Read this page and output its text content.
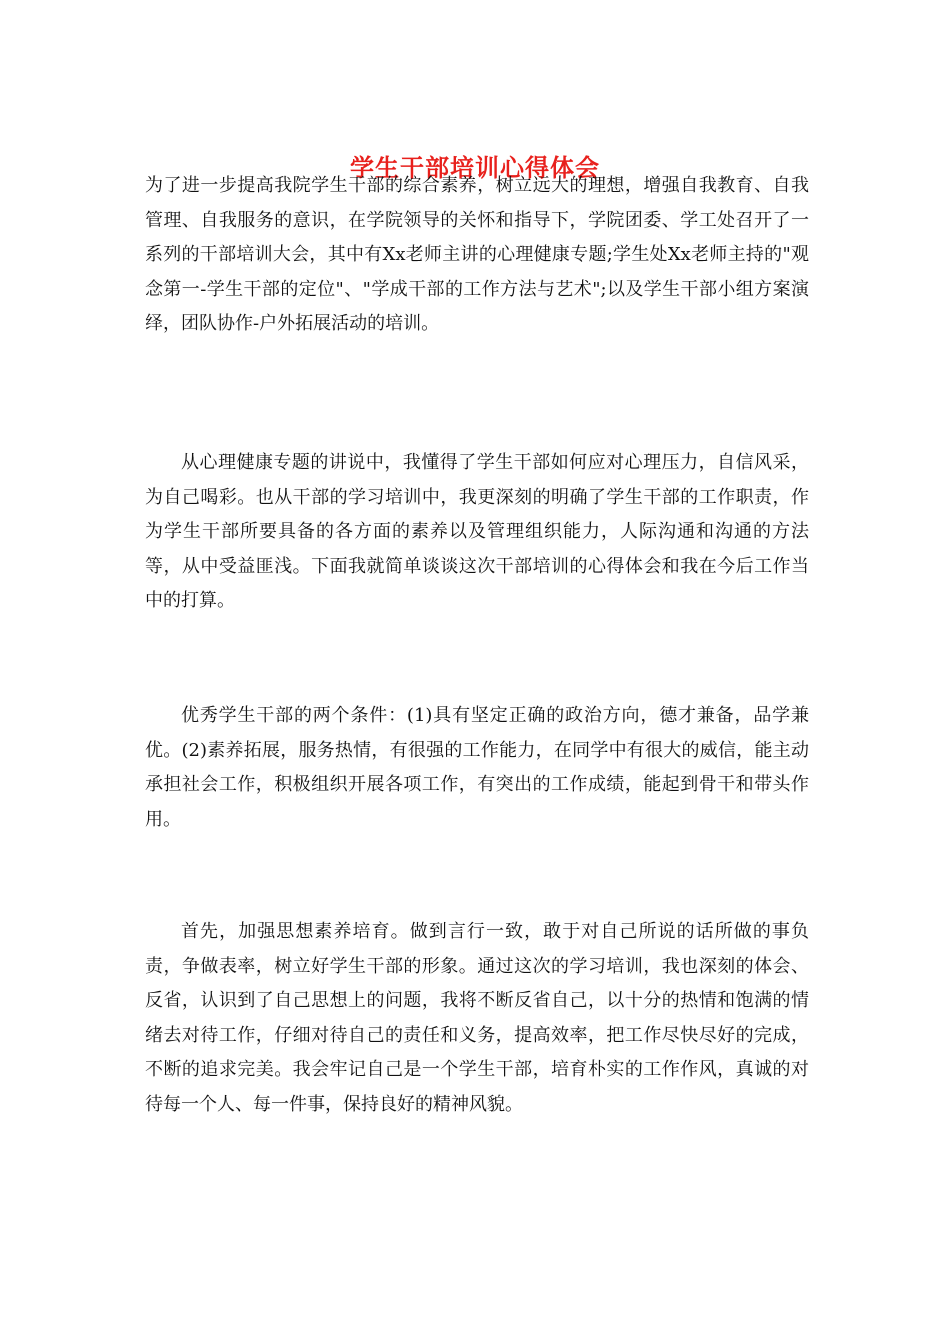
学生干部培训心得体会

为了进一步提高我院学生干部的综合素养，树立远大的理想，增强自我教育、自我管理、自我服务的意识，在学院领导的关怀和指导下，学院团委、学工处召开了一系列的干部培训大会，其中有Xx老师主讲的心理健康专题;学生处Xx老师主持的"观念第一-学生干部的定位"、"学成干部的工作方法与艺术";以及学生干部小组方案演绎，团队协作-户外拓展活动的培训。

从心理健康专题的讲说中，我懂得了学生干部如何应对心理压力，自信风采，为自己喝彩。也从干部的学习培训中，我更深刻的明确了学生干部的工作职责，作为学生干部所要具备的各方面的素养以及管理组织能力，人际沟通和沟通的方法等，从中受益匪浅。下面我就简单谈谈这次干部培训的心得体会和我在今后工作当中的打算。

优秀学生干部的两个条件：(1)具有坚定正确的政治方向，德才兼备，品学兼优。(2)素养拓展，服务热情，有很强的工作能力，在同学中有很大的威信，能主动承担社会工作，积极组织开展各项工作，有突出的工作成绩，能起到骨干和带头作用。

首先，加强思想素养培育。做到言行一致，敢于对自己所说的话所做的事负责，争做表率，树立好学生干部的形象。通过这次的学习培训，我也深刻的体会、反省，认识到了自己思想上的问题，我将不断反省自己，以十分的热情和饱满的情绪去对待工作，仔细对待自己的责任和义务，提高效率，把工作尽快尽好的完成，不断的追求完美。我会牢记自己是一个学生干部，培育朴实的工作作风，真诚的对待每一个人、每一件事，保持良好的精神风貌。
